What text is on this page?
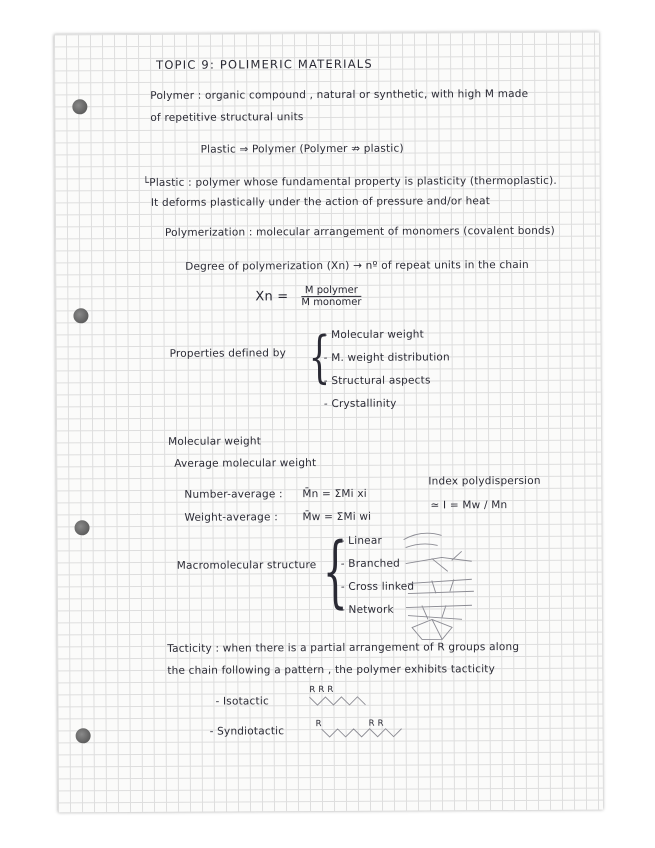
TOPIC 9: POLIMERIC MATERIALS
Polymer : organic compound , natural or synthetic, with high M made
of repetitive structural units
Plastic ⇒ Polymer (Polymer ⇏ plastic)
└Plastic : polymer whose fundamental property is plasticity (thermoplastic).
It deforms plastically under the action of pressure and/or heat
Polymerization : molecular arrangement of monomers (covalent bonds)
Degree of polymerization (Xn) → nº of repeat units in the chain
Xn =	M polymer
M monomer
Properties defined by {
- Molecular weight
- M. weight distribution
- Structural aspects
- Crystallinity
Molecular weight
Average molecular weight
Number-average : M̄n = ΣMi xi
Weight-average : M̄w = ΣMi wi
Index polydispersion
≃ I = Mw / Mn
Macromolecular structure {
- Linear
- Branched
- Cross linked
- Network
Tacticity : when there is a partial arrangement of R groups along
the chain following a pattern , the polymer exhibits tacticity
- Isotactic
R R R
- Syndiotactic
R	R R
